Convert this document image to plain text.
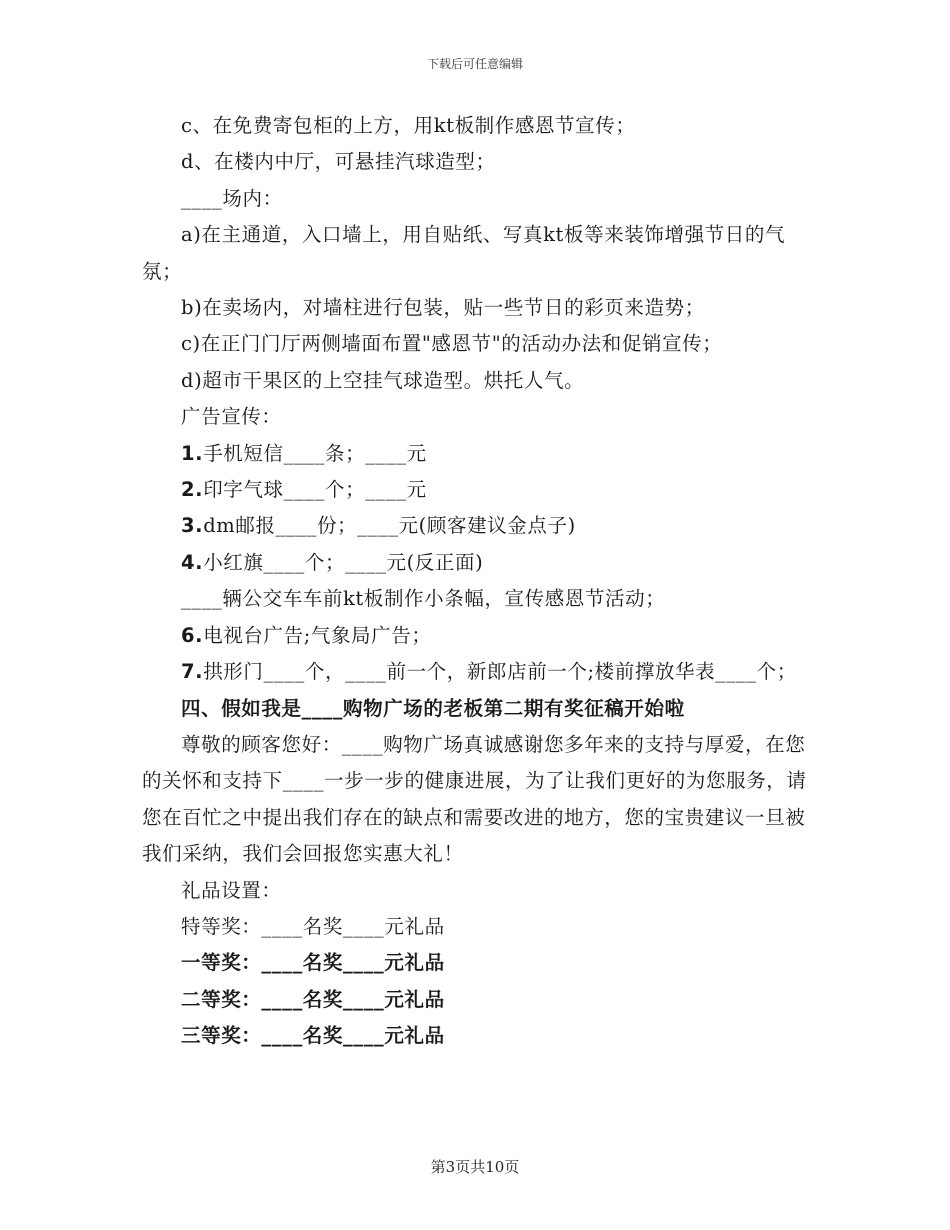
下载后可任意编辑

c、在免费寄包柜的上方，用kt板制作感恩节宣传；

d、在楼内中厅，可悬挂汽球造型；

____场内：

a)在主通道，入口墙上，用自贴纸、写真kt板等来装饰增强节日的气氛；

b)在卖场内，对墙柱进行包装，贴一些节日的彩页来造势；

c)在正门门厅两侧墙面布置"感恩节"的活动办法和促销宣传；

d)超市干果区的上空挂气球造型。烘托人气。

广告宣传：

1.手机短信____条；____元

2.印字气球____个；____元

3.dm邮报____份；____元(顾客建议金点子)

4.小红旗____个；____元(反正面)

____辆公交车车前kt板制作小条幅，宣传感恩节活动；

6.电视台广告;气象局广告；

7.拱形门____个，____前一个，新郎店前一个;楼前撑放华表____个；

四、假如我是____购物广场的老板第二期有奖征稿开始啦

尊敬的顾客您好：____购物广场真诚感谢您多年来的支持与厚爱，在您的关怀和支持下____一步一步的健康进展，为了让我们更好的为您服务，请您在百忙之中提出我们存在的缺点和需要改进的地方，您的宝贵建议一旦被我们采纳，我们会回报您实惠大礼！

礼品设置：

特等奖：____名奖____元礼品

一等奖：____名奖____元礼品

二等奖：____名奖____元礼品

三等奖：____名奖____元礼品

第3页共10页
